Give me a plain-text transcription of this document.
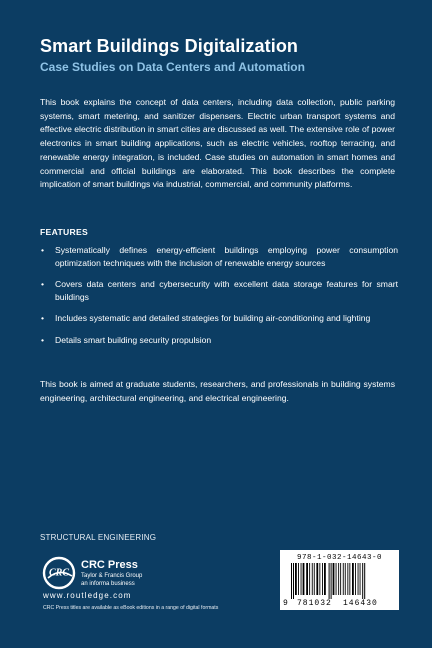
Smart Buildings Digitalization
Case Studies on Data Centers and Automation

This book explains the concept of data centers, including data collection, public parking systems, smart metering, and sanitizer dispensers. Electric urban transport systems and effective electric distribution in smart cities are discussed as well. The extensive role of power electronics in smart building applications, such as electric vehicles, rooftop terracing, and renewable energy integration, is included. Case studies on automation in smart homes and commercial and official buildings are elaborated. This book describes the complete implication of smart buildings via industrial, commercial, and community platforms.

FEATURES
• Systematically defines energy-efficient buildings employing power consumption optimization techniques with the inclusion of renewable energy sources
• Covers data centers and cybersecurity with excellent data storage features for smart buildings
• Includes systematic and detailed strategies for building air-conditioning and lighting
• Details smart building security propulsion

This book is aimed at graduate students, researchers, and professionals in building systems engineering, architectural engineering, and electrical engineering.

STRUCTURAL ENGINEERING
CRC
CRC Press
Taylor & Francis Group
an informa business
www.routledge.com
CRC Press titles are available as eBook editions in a range of digital formats
978-1-032-14643-0
9 781032 146430
